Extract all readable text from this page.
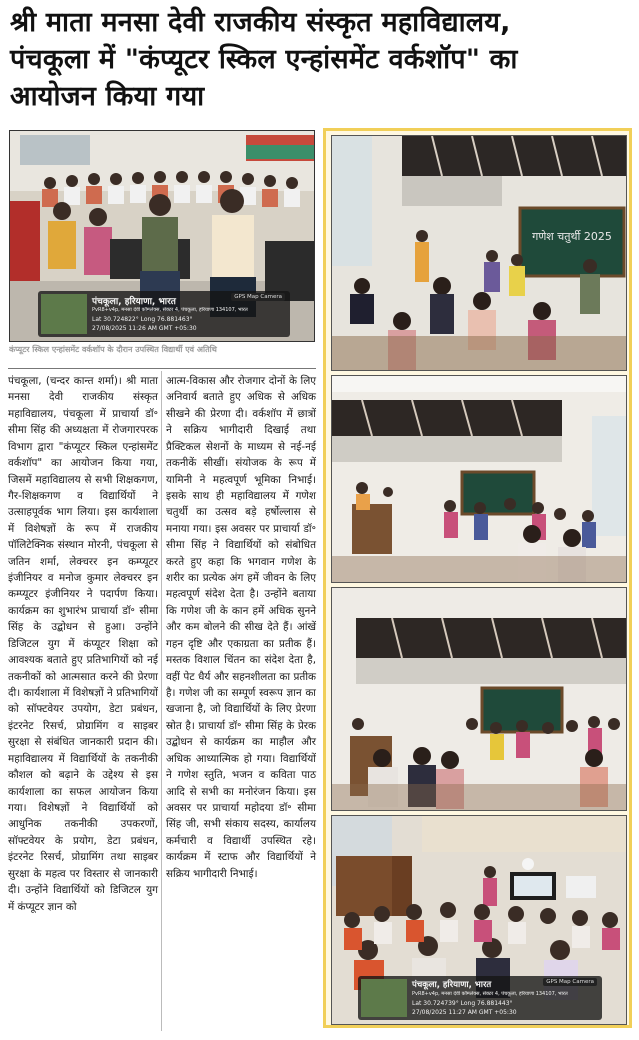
श्री माता मनसा देवी राजकीय संस्कृत महाविद्यालय,
पंचकूला में "कंप्यूटर स्किल एन्हांसमेंट वर्कशॉप" का
आयोजन किया गया
GPS Map Camera
पंचकूला, हरियाणा, भारत
PvR8+v4p, मनसा देवी कॉम्प्लेक्स, सेक्टर 4, पंचकूला, हरियाणा 134107, भारत
Lat 30.724822° Long 76.881463°
27/08/2025 11:26 AM GMT +05:30
कंप्यूटर स्किल एन्हांसमेंट वर्कशॉप के दौरान उपस्थित विद्यार्थी एवं अतिथि
पंचकूला, (चन्दर कान्त शर्मा)। श्री माता मनसा देवी राजकीय संस्कृत महाविद्यालय, पंचकूला में प्राचार्या डॉ॰ सीमा सिंह की अध्यक्षता में रोजगारपरक विभाग द्वारा "कंप्यूटर स्किल एन्हांसमेंट वर्कशॉप" का आयोजन किया गया, जिसमें महाविद्यालय से सभी शिक्षकगण, गैर-शिक्षकगण व विद्यार्थियों ने उत्साहपूर्वक भाग लिया। इस कार्यशाला में विशेषज्ञों के रूप में राजकीय पॉलिटेक्निक संस्थान मोरनी, पंचकूला से जतिन शर्मा, लेक्चरर इन कम्प्यूटर इंजीनियर व मनोज कुमार लेक्चरर इन कम्प्यूटर इंजीनियर ने पदार्पण किया। कार्यक्रम का शुभारंभ प्राचार्या डॉ॰ सीमा सिंह के उद्बोधन से हुआ। उन्होंने डिजिटल युग में कंप्यूटर शिक्षा को आवश्यक बताते हुए प्रतिभागियों को नई तकनीकों को आत्मसात करने की प्रेरणा दी। कार्यशाला में विशेषज्ञों ने प्रतिभागियों को सॉफ्टवेयर उपयोग, डेटा प्रबंधन, इंटरनेट रिसर्च, प्रोग्रामिंग व साइबर सुरक्षा से संबंधित जानकारी प्रदान की। महाविद्यालय में विद्यार्थियों के तकनीकी कौशल को बढ़ाने के उद्देश्य से इस कार्यशाला का सफल आयोजन किया गया। विशेषज्ञों ने विद्यार्थियों को आधुनिक तकनीकी उपकरणों, सॉफ्टवेयर के प्रयोग, डेटा प्रबंधन, इंटरनेट रिसर्च, प्रोग्रामिंग तथा साइबर सुरक्षा के महत्व पर विस्तार से जानकारी दी। उन्होंने विद्यार्थियों को डिजिटल युग में कंप्यूटर ज्ञान को
आत्म-विकास और रोजगार दोनों के लिए अनिवार्य बताते हुए अधिक से अधिक सीखने की प्रेरणा दी। वर्कशॉप में छात्रों ने सक्रिय भागीदारी दिखाई तथा प्रैक्टिकल सेशनों के माध्यम से नई-नई तकनीकें सीखीं। संयोजक के रूप में यामिनी ने महत्वपूर्ण भूमिका निभाई। इसके साथ ही महाविद्यालय में गणेश चतुर्थी का उत्सव बड़े हर्षोल्लास से मनाया गया। इस अवसर पर प्राचार्या डॉ॰ सीमा सिंह ने विद्यार्थियों को संबोधित करते हुए कहा कि भगवान गणेश के शरीर का प्रत्येक अंग हमें जीवन के लिए महत्वपूर्ण संदेश देता है। उन्होंने बताया कि गणेश जी के कान हमें अधिक सुनने और कम बोलने की सीख देते हैं। आंखें गहन दृष्टि और एकाग्रता का प्रतीक हैं। मस्तक विशाल चिंतन का संदेश देता है, वहीं पेट धैर्य और सहनशीलता का प्रतीक है। गणेश जी का सम्पूर्ण स्वरूप ज्ञान का खजाना है, जो विद्यार्थियों के लिए प्रेरणा स्रोत है। प्राचार्या डॉ॰ सीमा सिंह के प्रेरक उद्बोधन से कार्यक्रम का माहौल और अधिक आध्यात्मिक हो गया। विद्यार्थियों ने गणेश स्तुति, भजन व कविता पाठ आदि से सभी का मनोरंजन किया। इस अवसर पर प्राचार्या महोदया डॉ॰ सीमा सिंह जी, सभी संकाय सदस्य, कार्यालय कर्मचारी व विद्यार्थी उपस्थित रहे। कार्यक्रम में स्टाफ और विद्यार्थियों ने सक्रिय भागीदारी निभाई।
गणेश चतुर्थी 2025
GPS Map Camera
पंचकूला, हरियाणा, भारत
PvR8+v4p, मनसा देवी कॉम्प्लेक्स, सेक्टर 4, पंचकूला, हरियाणा 134107, भारत
Lat 30.724739° Long 76.881443°
27/08/2025 11:27 AM GMT +05:30
